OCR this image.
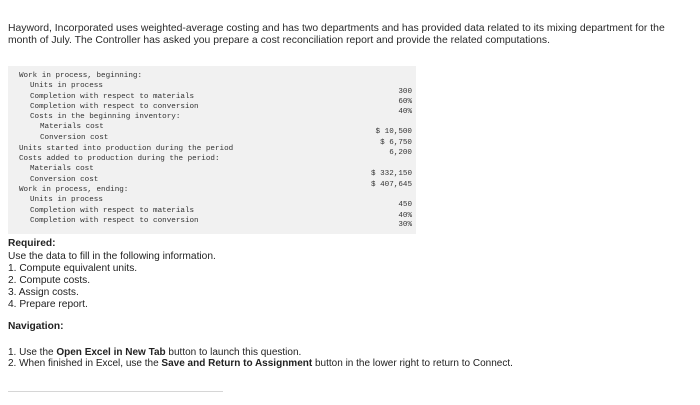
Hayword, Incorporated uses weighted-average costing and has two departments and has provided data related to its mixing department for the month of July. The Controller has asked you prepare a cost reconciliation report and provide the related computations.
Work in process, beginning:
Units in process
300
Completion with respect to materials
60%
Completion with respect to conversion
40%
Costs in the beginning inventory:
Materials cost
$ 10,500
Conversion cost
$ 6,750
Units started into production during the period	6,200
Costs added to production during the period:
Materials cost
$ 332,150
Conversion cost
$ 407,645
Work in process, ending:
Units in process
450
Completion with respect to materials
40%
Completion with respect to conversion	30%
Required:
Use the data to fill in the following information.
1. Compute equivalent units.
2. Compute costs.
3. Assign costs.
4. Prepare report.
Navigation:
1. Use the Open Excel in New Tab button to launch this question.
2. When finished in Excel, use the Save and Return to Assignment button in the lower right to return to Connect.
